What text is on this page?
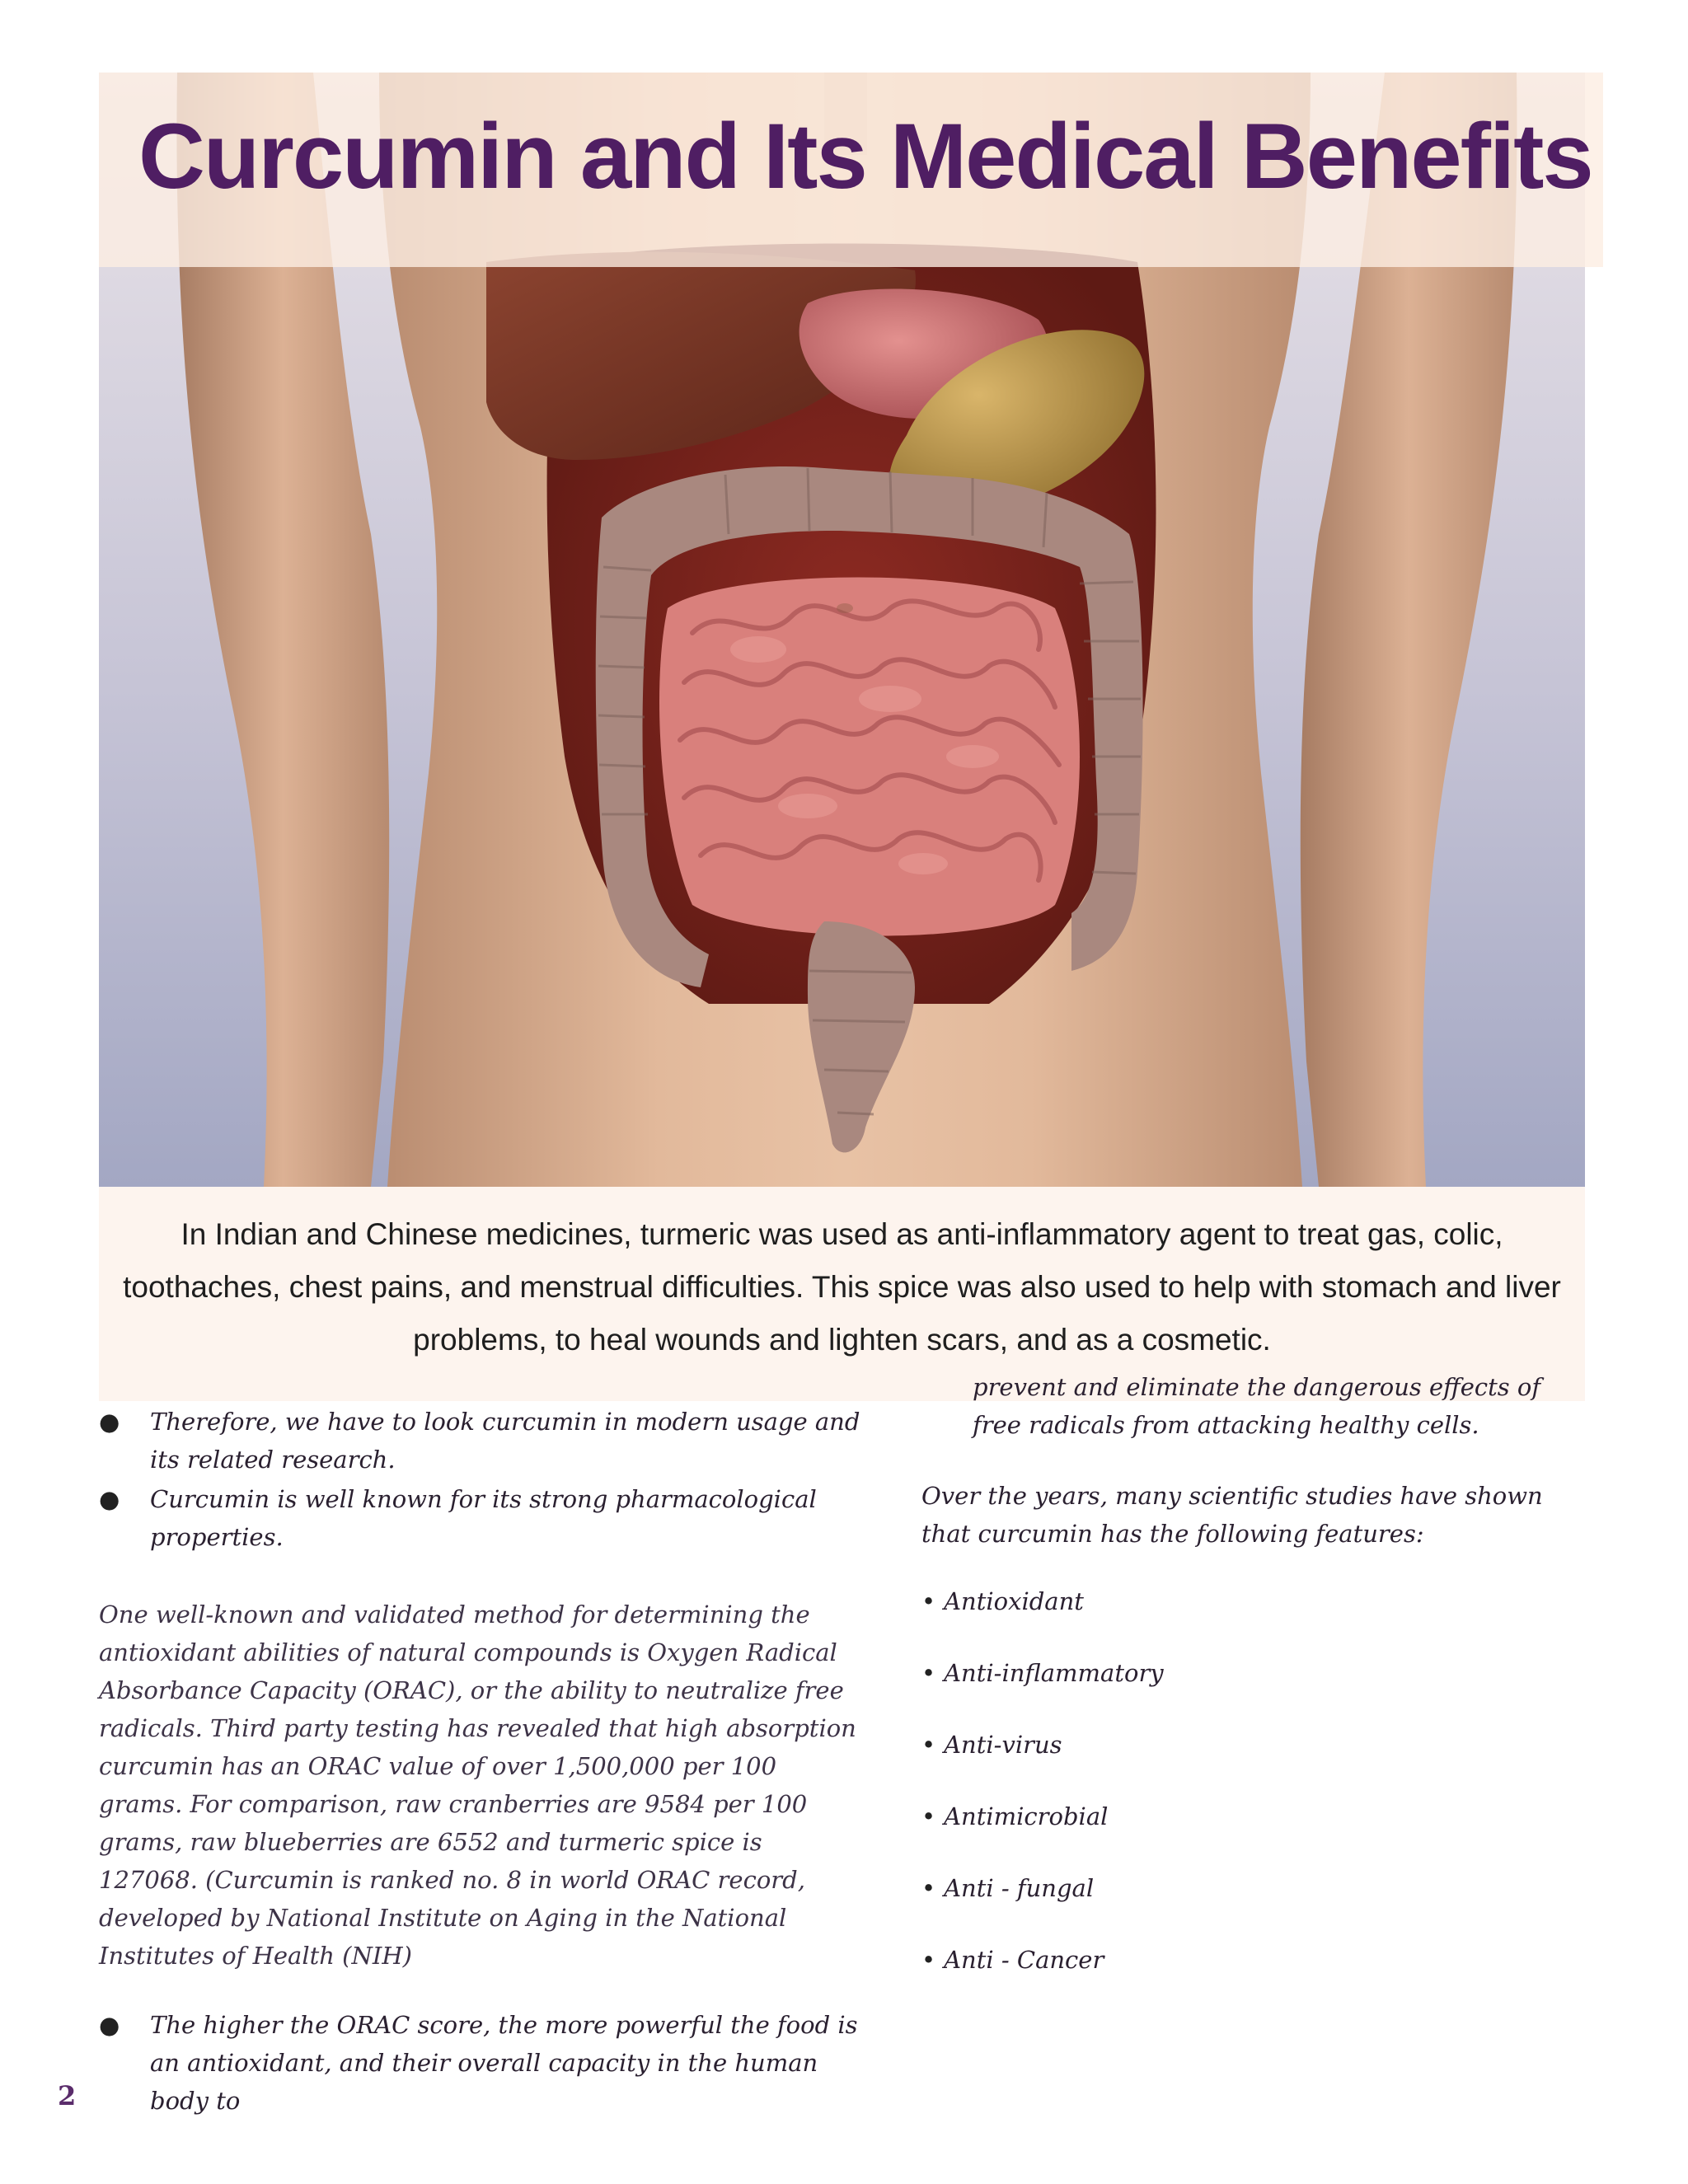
Curcumin and Its Medical Benefits

In Indian and Chinese medicines, turmeric was used as anti-inflammatory agent to treat gas, colic, toothaches, chest pains, and menstrual difficulties. This spice was also used to help with stomach and liver problems, to heal wounds and lighten scars, and as a cosmetic.

● Therefore, we have to look curcumin in modern usage and its related research.
● Curcumin is well known for its strong pharmacological properties.

One well-known and validated method for determining the antioxidant abilities of natural compounds is Oxygen Radical Absorbance Capacity (ORAC), or the ability to neutralize free radicals. Third party testing has revealed that high absorption curcumin has an ORAC value of over 1,500,000 per 100 grams. For comparison, raw cranberries are 9584 per 100 grams, raw blueberries are 6552 and turmeric spice is 127068. (Curcumin is ranked no. 8 in world ORAC record, developed by National Institute on Aging in the National Institutes of Health (NIH)

● The higher the ORAC score, the more powerful the food is an antioxidant, and their overall capacity in the human body to

prevent and eliminate the dangerous effects of free radicals from attacking healthy cells.

Over the years, many scientific studies have shown that curcumin has the following features:

• Antioxidant
• Anti-inflammatory
• Anti-virus
• Antimicrobial
• Anti - fungal
• Anti - Cancer
2
